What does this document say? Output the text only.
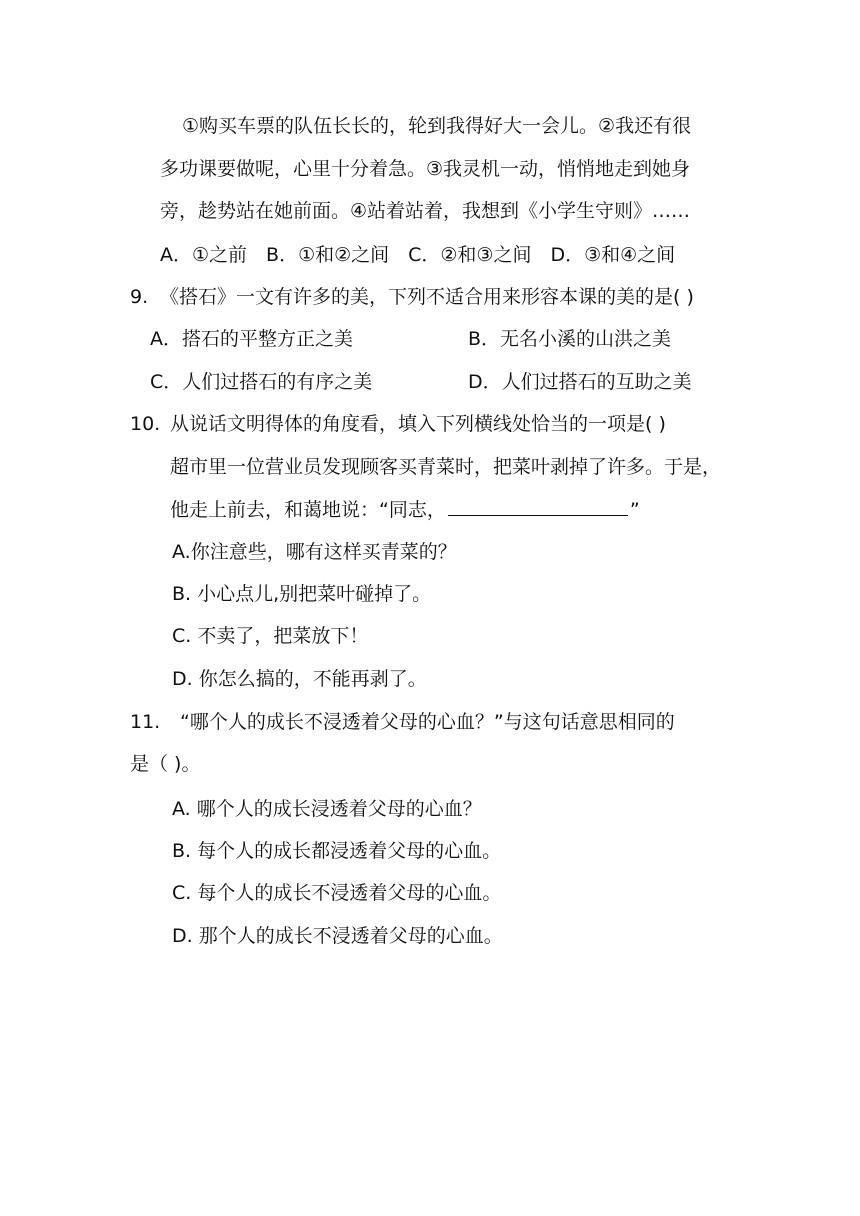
①购买车票的队伍长长的，轮到我得好大一会儿。②我还有很
多功课要做呢，心里十分着急。③我灵机一动，悄悄地走到她身
旁，趁势站在她前面。④站着站着，我想到《小学生守则》……
A．①之前　B．①和②之间　C．②和③之间　D．③和④之间
9. 《搭石》一文有许多的美，下列不适合用来形容本课的美的是( )
A．搭石的平整方正之美	B．无名小溪的山洪之美
C．人们过搭石的有序之美	D．人们过搭石的互助之美
10. 从说话文明得体的角度看，填入下列横线处恰当的一项是( )
超市里一位营业员发现顾客买青菜时，把菜叶剥掉了许多。于是，
他走上前去，和蔼地说：“同志，	”
A.你注意些，哪有这样买青菜的？
B. 小心点儿,别把菜叶碰掉了。
C. 不卖了，把菜放下！
D. 你怎么搞的，不能再剥了。
11. “哪个人的成长不浸透着父母的心血？”与这句话意思相同的
是（ )。
A. 哪个人的成长浸透着父母的心血？
B. 每个人的成长都浸透着父母的心血。
C. 每个人的成长不浸透着父母的心血。
D. 那个人的成长不浸透着父母的心血。
